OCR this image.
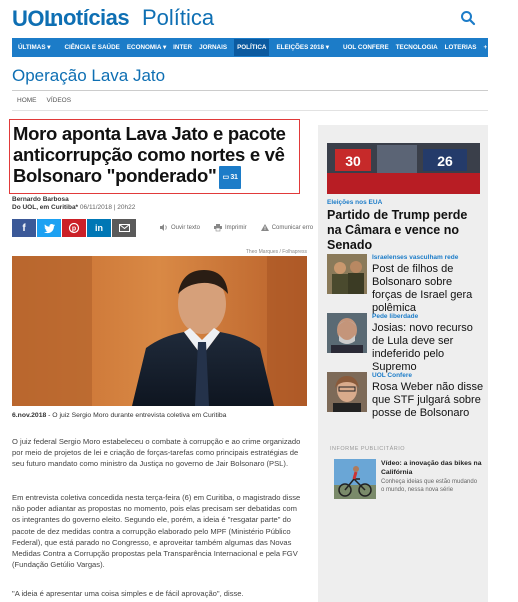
UOL
notícias Política
ÚLTIMAS ▾ CIÊNCIA E SAÚDE ECONOMIA ▾ INTER JORNAIS	POLÍTICA	ELEIÇÕES 2018 ▾ UOL CONFERE TECNOLOGIA LOTERIAS + CANAIS ▾
Operação Lava Jato
HOME VÍDEOS
Moro aponta Lava Jato e pacote anticorrupção como nortes e vê Bolsonaro "ponderado" ▭ 31
Bernardo Barbosa
Do UOL, em Curitiba* 06/11/2018 | 20h22
f	p in	Ouvir texto	Imprimir	Comunicar erro
Theo Marques / Folhapress
6.nov.2018 - O juiz Sergio Moro durante entrevista coletiva em Curitiba

O juiz federal Sergio Moro estabeleceu o combate à corrupção e ao crime organizado por meio de projetos de lei e criação de forças-tarefas como principais estratégias de seu futuro mandato como ministro da Justiça no governo de Jair Bolsonaro (PSL).

Em entrevista coletiva concedida nesta terça-feira (6) em Curitiba, o magistrado disse não poder adiantar as propostas no momento, pois elas precisam ser debatidas com os integrantes do governo eleito. Segundo ele, porém, a ideia é "resgatar parte" do pacote de dez medidas contra a corrupção elaborado pelo MPF (Ministério Público Federal), que está parado no Congresso, e aproveitar também algumas das Novas Medidas Contra a Corrupção propostas pela Transparência Internacional e pela FGV (Fundação Getúlio Vargas).

"A ideia é apresentar uma coisa simples e de fácil aprovação", disse.

30	26
Eleições nos EUA
Partido de Trump perde na Câmara e vence no Senado
Israelenses vasculham rede
Post de filhos de Bolsonaro sobre forças de Israel gera polêmica
Pede liberdade
Josias: novo recurso de Lula deve ser indeferido pelo Supremo
UOL Confere
Rosa Weber não disse que STF julgará sobre posse de Bolsonaro
INFORME PUBLICITÁRIO
Vídeo: a inovação das bikes na Califórnia
Conheça ideias que estão mudando o mundo, nessa nova série
